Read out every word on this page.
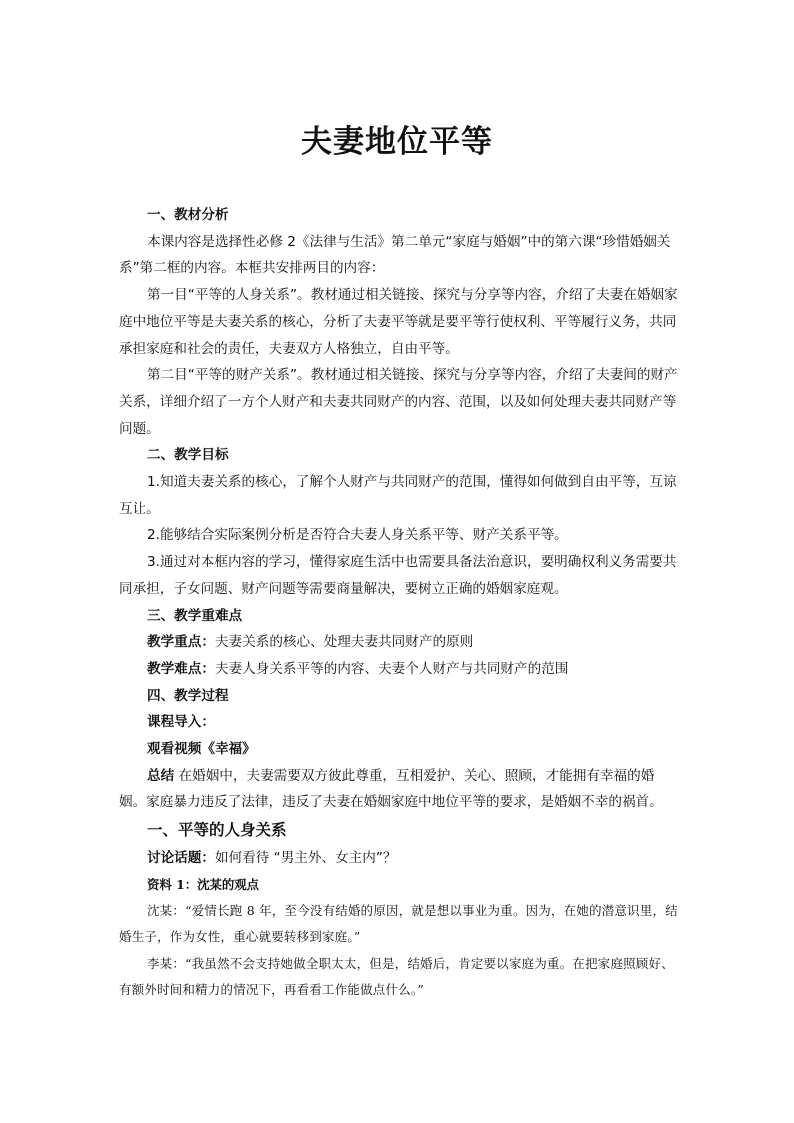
夫妻地位平等

一、教材分析

本课内容是选择性必修 2《法律与生活》第二单元“家庭与婚姻”中的第六课“珍惜婚姻关系”第二框的内容。本框共安排两目的内容：

第一目“平等的人身关系”。教材通过相关链接、探究与分享等内容，介绍了夫妻在婚姻家庭中地位平等是夫妻关系的核心，分析了夫妻平等就是要平等行使权利、平等履行义务，共同承担家庭和社会的责任，夫妻双方人格独立，自由平等。

第二目“平等的财产关系”。教材通过相关链接、探究与分享等内容，介绍了夫妻间的财产关系，详细介绍了一方个人财产和夫妻共同财产的内容、范围，以及如何处理夫妻共同财产等问题。

二、教学目标

1.知道夫妻关系的核心，了解个人财产与共同财产的范围，懂得如何做到自由平等，互谅互让。

2.能够结合实际案例分析是否符合夫妻人身关系平等、财产关系平等。

3.通过对本框内容的学习，懂得家庭生活中也需要具备法治意识，要明确权利义务需要共同承担，子女问题、财产问题等需要商量解决，要树立正确的婚姻家庭观。

三、教学重难点

教学重点：夫妻关系的核心、处理夫妻共同财产的原则

教学难点：夫妻人身关系平等的内容、夫妻个人财产与共同财产的范围

四、教学过程

课程导入：

观看视频《幸福》

总结 在婚姻中，夫妻需要双方彼此尊重，互相爱护、关心、照顾，才能拥有幸福的婚姻。家庭暴力违反了法律，违反了夫妻在婚姻家庭中地位平等的要求，是婚姻不幸的祸首。

一、平等的人身关系

讨论话题：如何看待 “男主外、女主内”？

资料 1：沈某的观点

沈某：“爱情长跑 8 年，至今没有结婚的原因，就是想以事业为重。因为，在她的潜意识里，结婚生子，作为女性，重心就要转移到家庭。”

李某：“我虽然不会支持她做全职太太，但是，结婚后，肯定要以家庭为重。在把家庭照顾好、有额外时间和精力的情况下，再看看工作能做点什么。”
